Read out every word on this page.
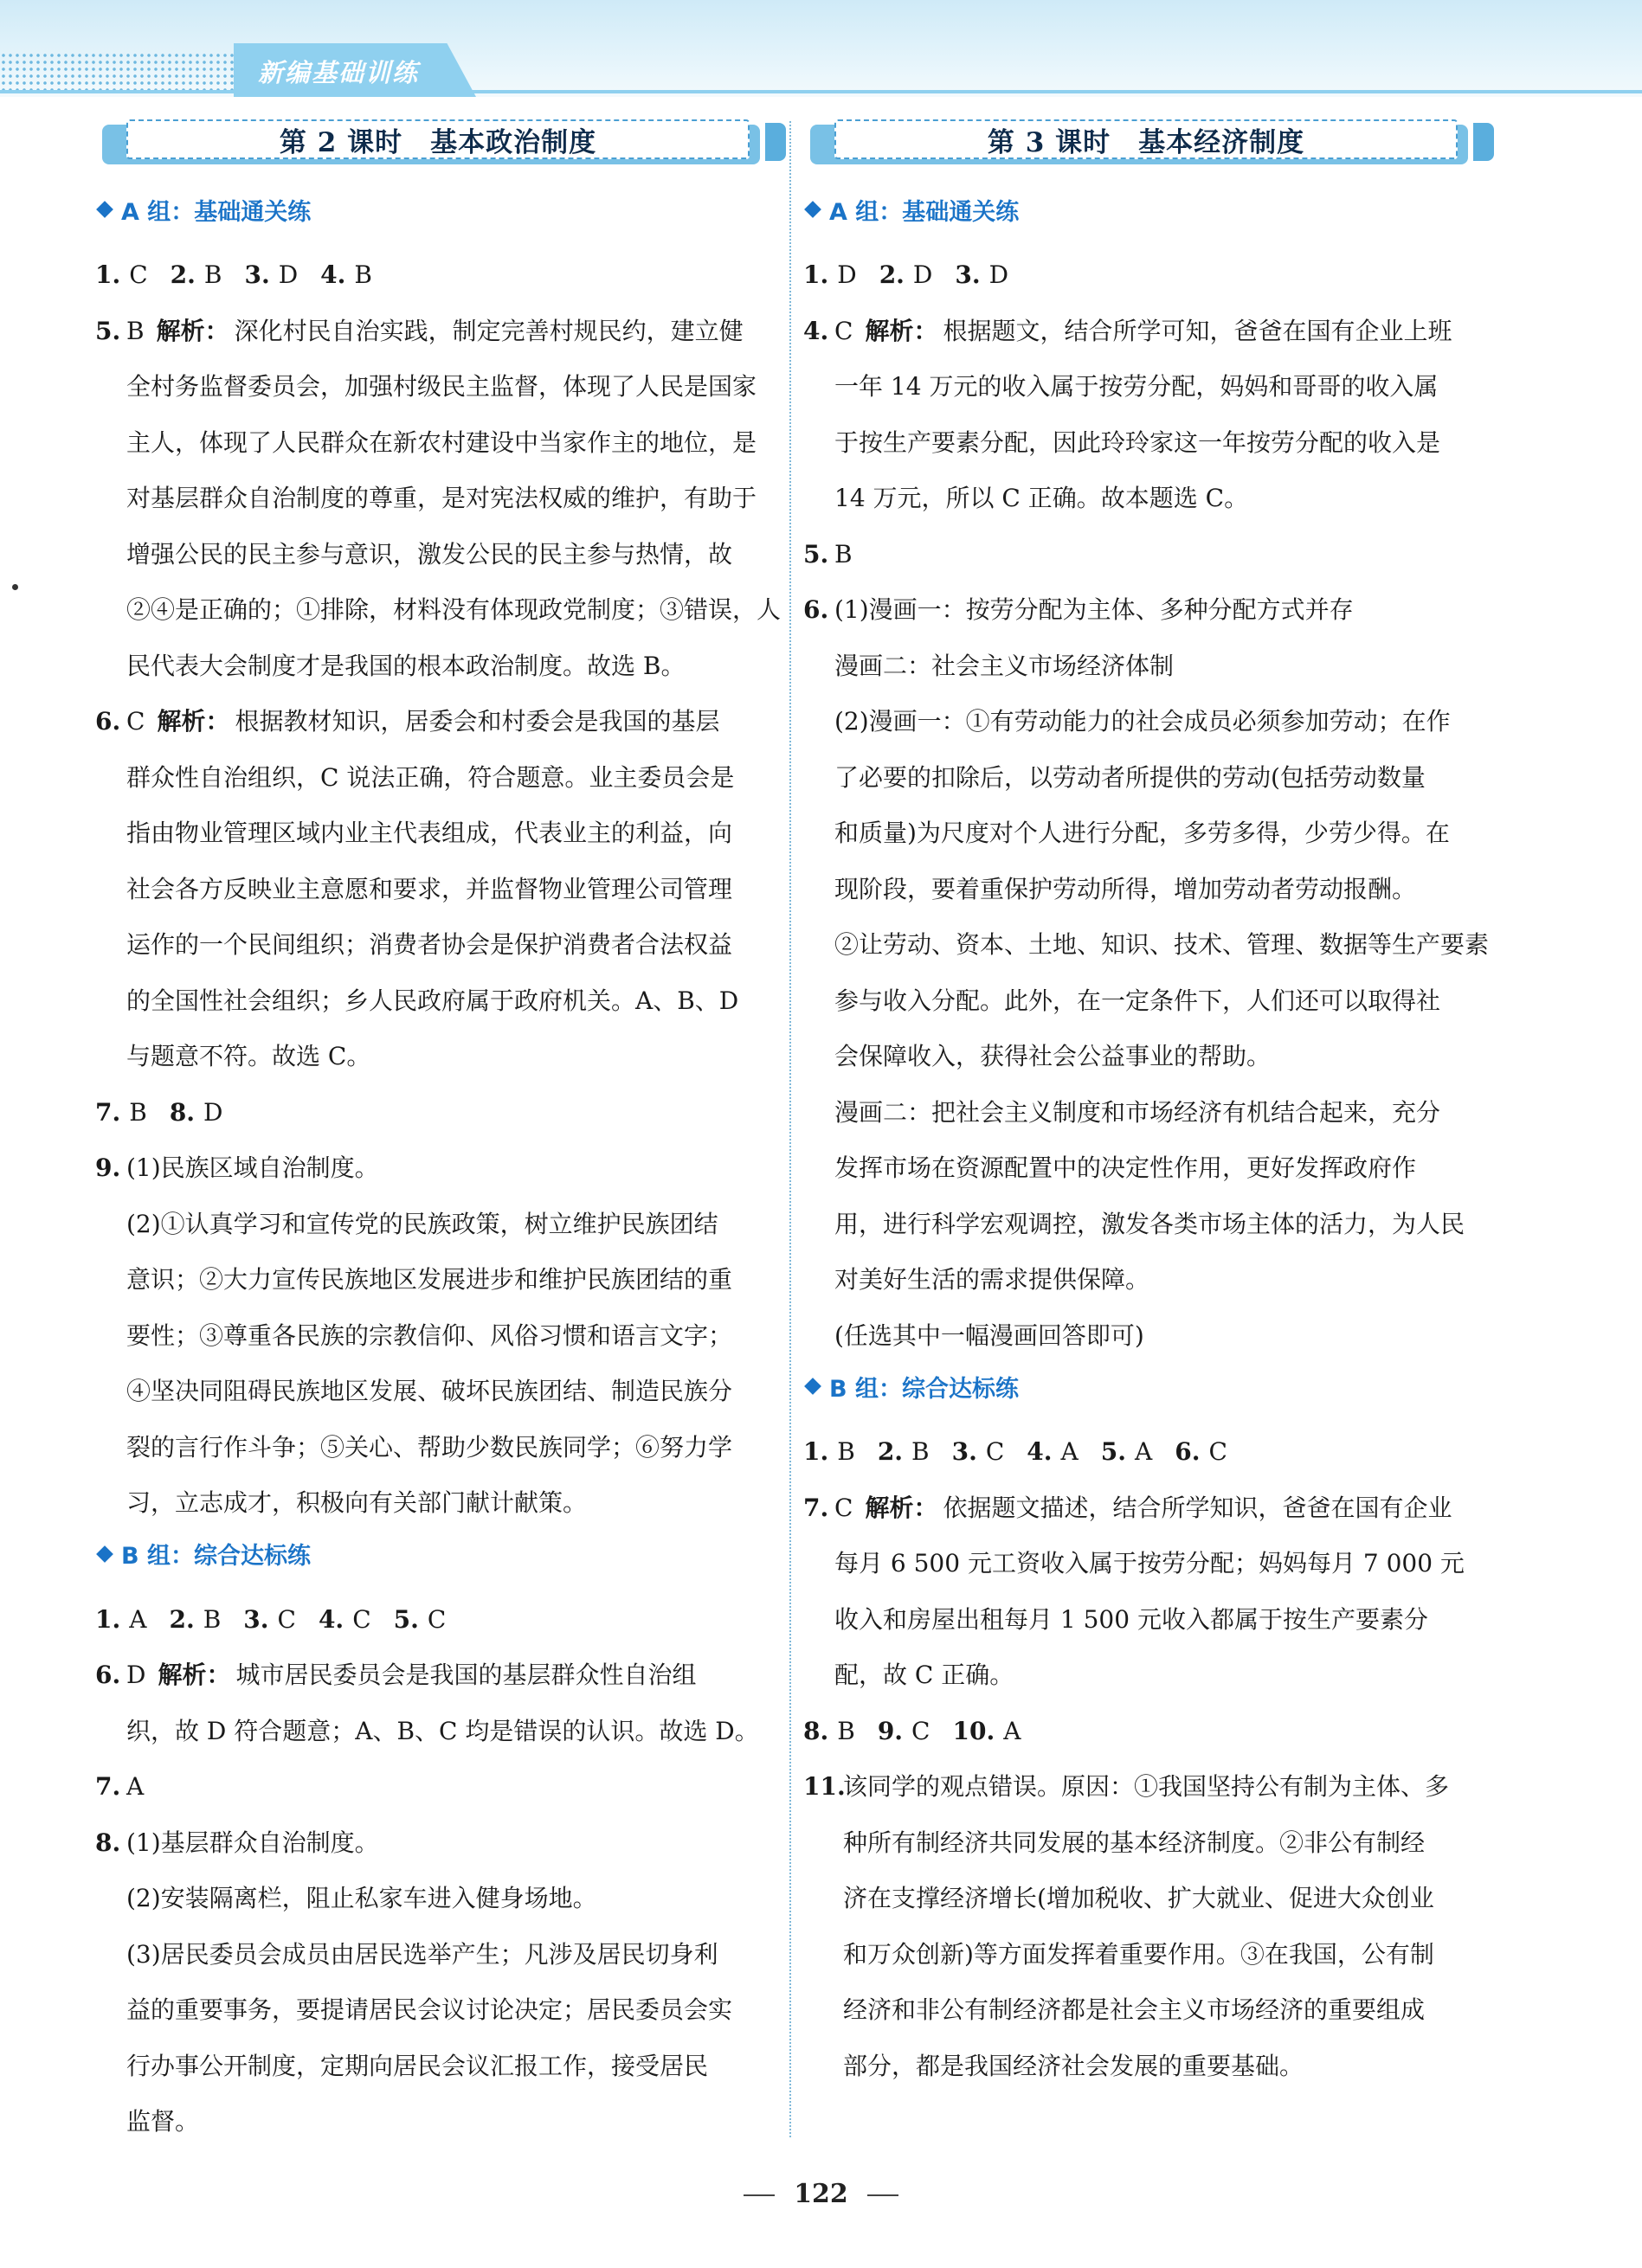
新编基础训练
第 2 课时　基本政治制度
A 组：基础通关练
1. C 2. B 3. D 4. B
5. B 解析： 深化村民自治实践，制定完善村规民约，建立健

全村务监督委员会，加强村级民主监督，体现了人民是国家

主人，体现了人民群众在新农村建设中当家作主的地位，是

对基层群众自治制度的尊重，是对宪法权威的维护，有助于

增强公民的民主参与意识，激发公民的民主参与热情，故

②④是正确的；①排除，材料没有体现政党制度；③错误，人

民代表大会制度才是我国的根本政治制度。故选 B。

6. C 解析： 根据教材知识，居委会和村委会是我国的基层

群众性自治组织，C 说法正确，符合题意。业主委员会是

指由物业管理区域内业主代表组成，代表业主的利益，向

社会各方反映业主意愿和要求，并监督物业管理公司管理

运作的一个民间组织；消费者协会是保护消费者合法权益

的全国性社会组织；乡人民政府属于政府机关。A、B、D

与题意不符。故选 C。

7. B 8. D
9. (1)民族区域自治制度。

(2)①认真学习和宣传党的民族政策，树立维护民族团结

意识；②大力宣传民族地区发展进步和维护民族团结的重

要性；③尊重各民族的宗教信仰、风俗习惯和语言文字；

④坚决同阻碍民族地区发展、破坏民族团结、制造民族分

裂的言行作斗争；⑤关心、帮助少数民族同学；⑥努力学

习，立志成才，积极向有关部门献计献策。

B 组：综合达标练
1. A 2. B 3. C 4. C 5. C
6. D 解析： 城市居民委员会是我国的基层群众性自治组

织，故 D 符合题意；A、B、C 均是错误的认识。故选 D。

7. A
8. (1)基层群众自治制度。

(2)安装隔离栏，阻止私家车进入健身场地。

(3)居民委员会成员由居民选举产生；凡涉及居民切身利

益的重要事务，要提请居民会议讨论决定；居民委员会实

行办事公开制度，定期向居民会议汇报工作，接受居民

监督。

第 3 课时　基本经济制度
A 组：基础通关练
1. D 2. D 3. D
4. C 解析： 根据题文，结合所学可知，爸爸在国有企业上班

一年 14 万元的收入属于按劳分配，妈妈和哥哥的收入属

于按生产要素分配，因此玲玲家这一年按劳分配的收入是

14 万元，所以 C 正确。故本题选 C。

5. B
6. (1)漫画一：按劳分配为主体、多种分配方式并存

漫画二：社会主义市场经济体制

(2)漫画一：①有劳动能力的社会成员必须参加劳动；在作

了必要的扣除后，以劳动者所提供的劳动(包括劳动数量

和质量)为尺度对个人进行分配，多劳多得，少劳少得。在

现阶段，要着重保护劳动所得，增加劳动者劳动报酬。

②让劳动、资本、土地、知识、技术、管理、数据等生产要素

参与收入分配。此外，在一定条件下，人们还可以取得社

会保障收入，获得社会公益事业的帮助。

漫画二：把社会主义制度和市场经济有机结合起来，充分

发挥市场在资源配置中的决定性作用，更好发挥政府作

用，进行科学宏观调控，激发各类市场主体的活力，为人民

对美好生活的需求提供保障。

(任选其中一幅漫画回答即可)

B 组：综合达标练
1. B 2. B 3. C 4. A 5. A 6. C
7. C 解析： 依据题文描述，结合所学知识，爸爸在国有企业

每月 6 500 元工资收入属于按劳分配；妈妈每月 7 000 元

收入和房屋出租每月 1 500 元收入都属于按生产要素分

配，故 C 正确。

8. B 9. C 10. A
11.

该同学的观点错误。原因：①我国坚持公有制为主体、多

种所有制经济共同发展的基本经济制度。②非公有制经

济在支撑经济增长(增加税收、扩大就业、促进大众创业

和万众创新)等方面发挥着重要作用。③在我国，公有制

经济和非公有制经济都是社会主义市场经济的重要组成

部分，都是我国经济社会发展的重要基础。

122
